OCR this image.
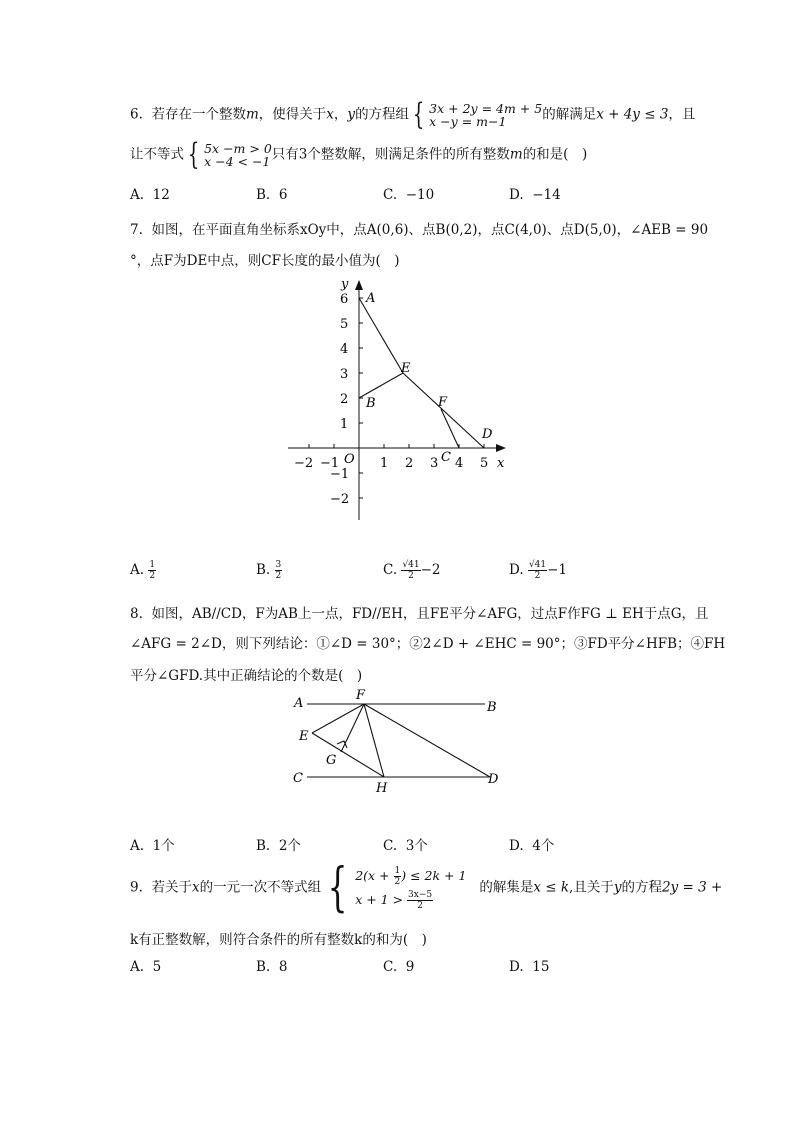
6. 若存在一个整数m，使得关于x，y的方程组 { 3x + 2y = 4m + 5
x −y = m−1	的解满足x + 4y ≤ 3，且
让不等式 { 5x −m > 0
x −4 < −1 只有3个整数解，则满足条件的所有整数m的和是(　)
A. 12	B. 6	C. −10	D. −14
7. 如图，在平面直角坐标系xOy中，点A(0,6)、点B(0,2)，点C(4,0)、点D(5,0)，∠AEB = 90
°，点F为DE中点，则CF长度的最小值为(　)
x
y
O
−2 −1	1 2 3 4 5
6
5
4
3
2
1
−1
−2
A
B
E
F
C
D
A. $\frac{1}{2}$	B. $\frac{3}{2}$	C. $\frac{√41}{2} -2$	D. $\frac{√41}{2} -1$
8. 如图，AB//CD，F为AB上一点，FD//EH，且FE平分∠AFG，过点F作FG ⊥ EH于点G，且
∠AFG = 2∠D，则下列结论：①∠D = 30°；②2∠D + ∠EHC = 90°；③FD平分∠HFB；④FH
平分∠GFD.其中正确结论的个数是(　)
A
F
B
E
G
C
H
D
A. 1个	B. 2个	C. 3个	D. 4个
9. 若关于x的一元一次不等式组 { $2(x + \frac{1}{2}$ ) ≤ 2k + 1
$x + 1 > \frac{3x-5}{2}$
的解集是x ≤ k,且关于y的方程2y = 3 +
k有正整数解，则符合条件的所有整数k的和为(　)
A. 5	B. 8	C. 9	D. 15
